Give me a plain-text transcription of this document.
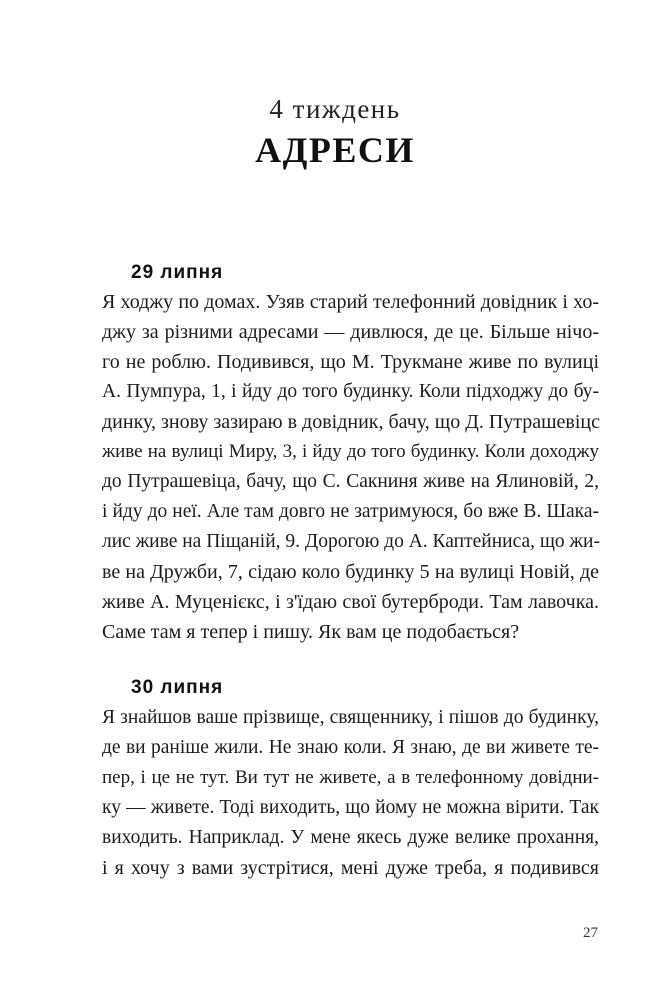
4 тиждень
АДРЕСИ
29 липня
Я ходжу по домах. Узяв старий телефонний довідник і хо-
джу за різними адресами — дивлюся, де це. Більше нічо-
го не роблю. Подивився, що М. Трукмане живе по вулиці
А. Пумпура, 1, і йду до того будинку. Коли підходжу до бу-
динку, знову зазираю в довідник, бачу, що Д. Путрашевіцс
живе на вулиці Миру, 3, і йду до того будинку. Коли доходжу
до Путрашевіца, бачу, що С. Сакниня живе на Ялиновій, 2,
і йду до неї. Але там довго не затримуюся, бо вже В. Шака-
лис живе на Піщаній, 9. Дорогою до А. Каптейниса, що жи-
ве на Дружби, 7, сідаю коло будинку 5 на вулиці Новій, де
живе А. Муценієкс, і з'їдаю свої бутерброди. Там лавочка.
Саме там я тепер і пишу. Як вам це подобається?
30 липня
Я знайшов ваше прізвище, священнику, і пішов до будинку,
де ви раніше жили. Не знаю коли. Я знаю, де ви живете те-
пер, і це не тут. Ви тут не живете, а в телефонному довідни-
ку — живете. Тоді виходить, що йому не можна вірити. Так
виходить. Наприклад. У мене якесь дуже велике прохання,
і я хочу з вами зустрітися, мені дуже треба, я подивився
27
